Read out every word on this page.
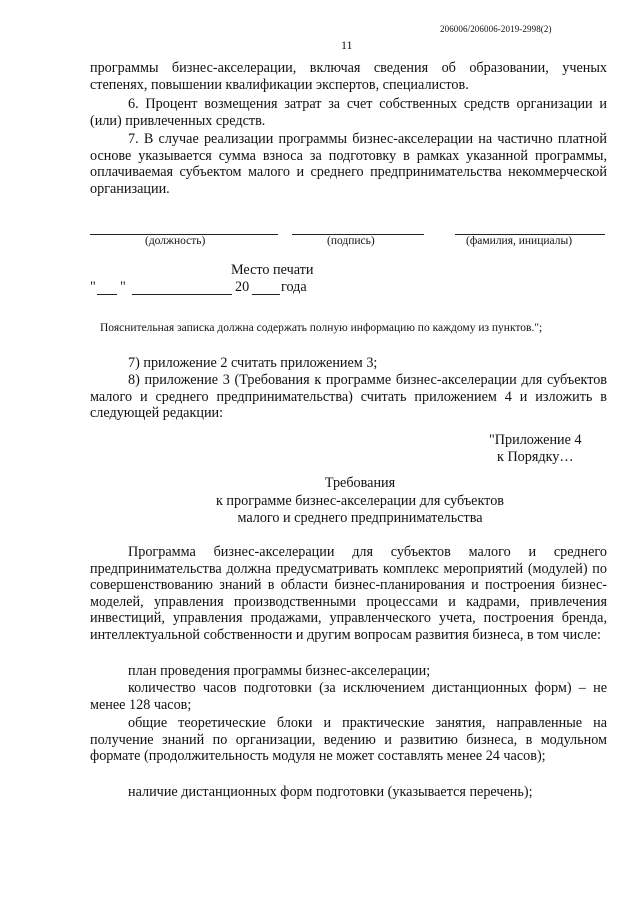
206006/206006-2019-2998(2)
11
программы бизнес-акселерации, включая сведения об образовании, ученых степенях, повышении квалификации экспертов, специалистов.
6. Процент возмещения затрат за счет собственных средств организации и (или) привлеченных средств.
7. В случае реализации программы бизнес-акселерации на частично платной основе указывается сумма взноса за подготовку в рамках указанной программы, оплачиваемая субъектом малого и среднего предпринимательства некоммерческой организации.
(должность)	(подпись)	(фамилия, инициалы)
Место печати
" "	20 года
Пояснительная записка должна содержать полную информацию по каждому из пунктов.";
7) приложение 2 считать приложением 3;
8) приложение 3 (Требования к программе бизнес-акселерации для субъектов малого и среднего предпринимательства) считать приложением 4 и изложить в следующей редакции:
"Приложение 4
к Порядку…
Требования
к программе бизнес-акселерации для субъектов
малого и среднего предпринимательства
Программа бизнес-акселерации для субъектов малого и среднего предпринимательства должна предусматривать комплекс мероприятий (модулей) по совершенствованию знаний в области бизнес-планирования и построения бизнес-моделей, управления производственными процессами и кадрами, привлечения инвестиций, управления продажами, управленческого учета, построения бренда, интеллектуальной собственности и другим вопросам развития бизнеса, в том числе:
план проведения программы бизнес-акселерации;
количество часов подготовки (за исключением дистанционных форм) – не менее 128 часов;
общие теоретические блоки и практические занятия, направленные на получение знаний по организации, ведению и развитию бизнеса, в модульном формате (продолжительность модуля не может составлять менее 24 часов);
наличие дистанционных форм подготовки (указывается перечень);
